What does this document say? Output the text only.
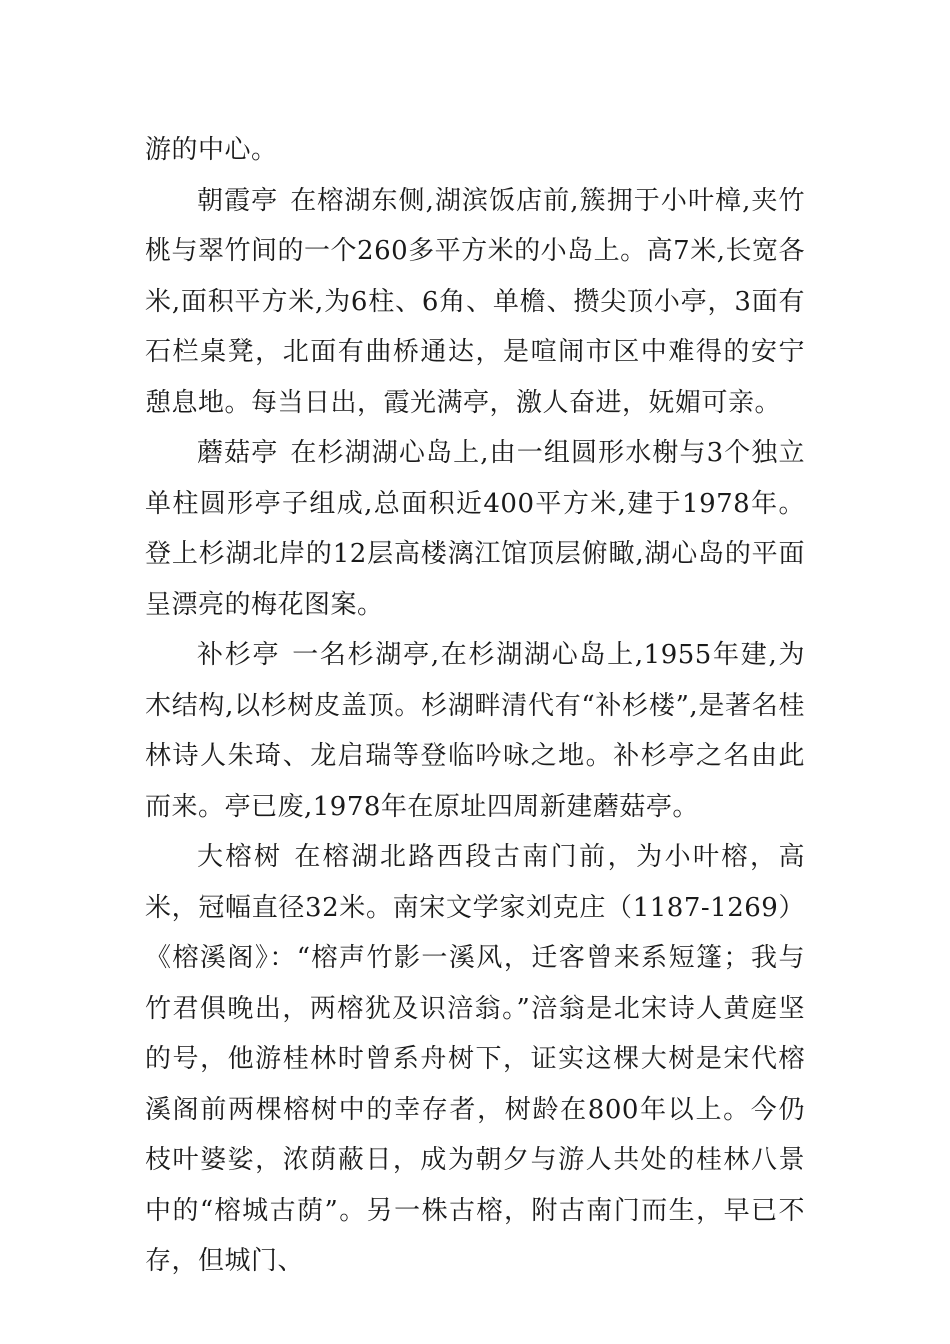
游的中心。

朝霞亭 在榕湖东侧,湖滨饭店前,簇拥于小叶樟,夹竹桃与翠竹间的一个260多平方米的小岛上。高7米,长宽各米,面积平方米,为6柱、6角、单檐、攒尖顶小亭，3面有石栏桌凳，北面有曲桥通达，是喧闹市区中难得的安宁憩息地。每当日出，霞光满亭，激人奋进，妩媚可亲。

蘑菇亭 在杉湖湖心岛上,由一组圆形水榭与3个独立单柱圆形亭子组成,总面积近400平方米,建于1978年。登上杉湖北岸的12层高楼漓江馆顶层俯瞰,湖心岛的平面呈漂亮的梅花图案。

补杉亭 一名杉湖亭,在杉湖湖心岛上,1955年建,为木结构,以杉树皮盖顶。杉湖畔清代有“补杉楼”,是著名桂林诗人朱琦、龙启瑞等登临吟咏之地。补杉亭之名由此而来。亭已废,1978年在原址四周新建蘑菇亭。

大榕树 在榕湖北路西段古南门前，为小叶榕，高米，冠幅直径32米。南宋文学家刘克庄（1187-1269）《榕溪阁》：“榕声竹影一溪风，迁客曾来系短篷；我与竹君俱晚出，两榕犹及识涪翁。”涪翁是北宋诗人黄庭坚的号，他游桂林时曾系舟树下，证实这棵大树是宋代榕溪阁前两棵榕树中的幸存者，树龄在800年以上。今仍枝叶婆娑，浓荫蔽日，成为朝夕与游人共处的桂林八景中的“榕城古荫”。另一株古榕，附古南门而生，早已不存，但城门、
